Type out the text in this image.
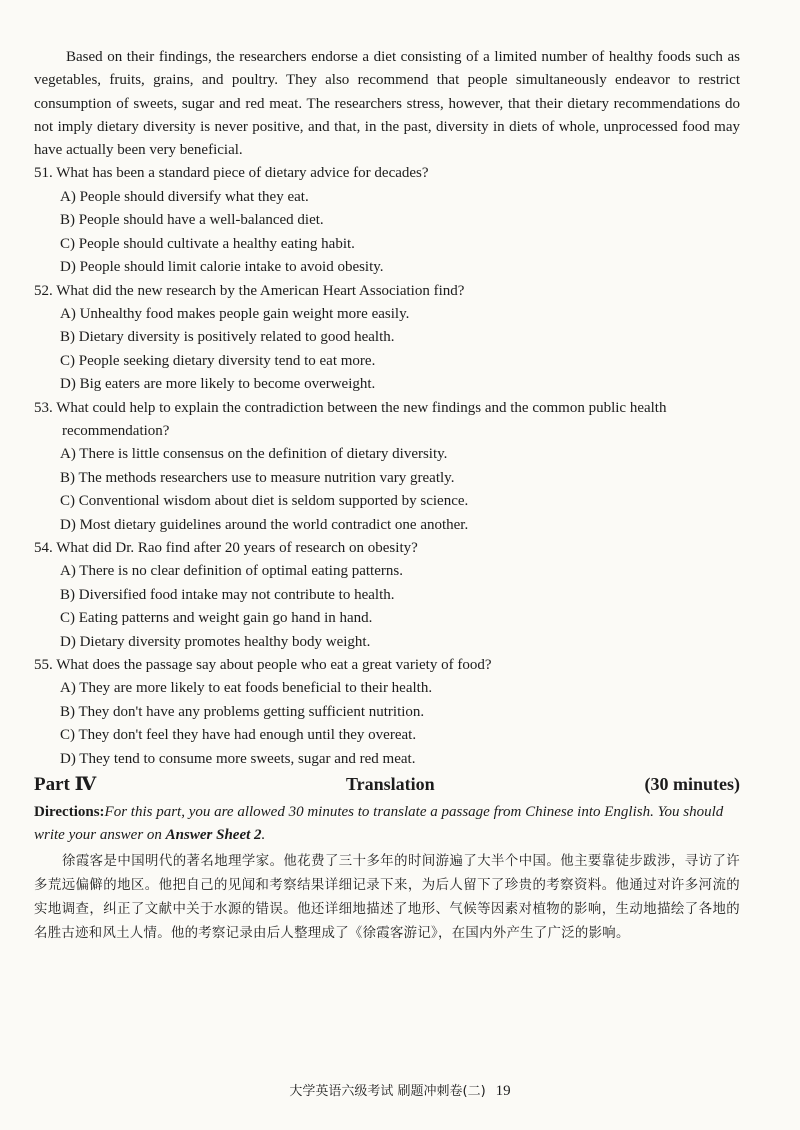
Based on their findings, the researchers endorse a diet consisting of a limited number of healthy foods such as vegetables, fruits, grains, and poultry. They also recommend that people simultaneously endeavor to restrict consumption of sweets, sugar and red meat. The researchers stress, however, that their dietary recommendations do not imply dietary diversity is never positive, and that, in the past, diversity in diets of whole, unprocessed food may have actually been very beneficial.

51. What has been a standard piece of dietary advice for decades?
A) People should diversify what they eat.
B) People should have a well-balanced diet.
C) People should cultivate a healthy eating habit.
D) People should limit calorie intake to avoid obesity.
52. What did the new research by the American Heart Association find?
A) Unhealthy food makes people gain weight more easily.
B) Dietary diversity is positively related to good health.
C) People seeking dietary diversity tend to eat more.
D) Big eaters are more likely to become overweight.
53. What could help to explain the contradiction between the new findings and the common public health recommendation?
A) There is little consensus on the definition of dietary diversity.
B) The methods researchers use to measure nutrition vary greatly.
C) Conventional wisdom about diet is seldom supported by science.
D) Most dietary guidelines around the world contradict one another.
54. What did Dr. Rao find after 20 years of research on obesity?
A) There is no clear definition of optimal eating patterns.
B) Diversified food intake may not contribute to health.
C) Eating patterns and weight gain go hand in hand.
D) Dietary diversity promotes healthy body weight.
55. What does the passage say about people who eat a great variety of food?
A) They are more likely to eat foods beneficial to their health.
B) They don't have any problems getting sufficient nutrition.
C) They don't feel they have had enough until they overeat.
D) They tend to consume more sweets, sugar and red meat.
Part Ⅳ	Translation	(30 minutes)

Directions:For this part, you are allowed 30 minutes to translate a passage from Chinese into English. You should write your answer on Answer Sheet 2.

徐霞客是中国明代的著名地理学家。他花费了三十多年的时间游遍了大半个中国。他主要靠徒步跋涉，寻访了许多荒远偏僻的地区。他把自己的见闻和考察结果详细记录下来，为后人留下了珍贵的考察资料。他通过对许多河流的实地调查，纠正了文献中关于水源的错误。他还详细地描述了地形、气候等因素对植物的影响，生动地描绘了各地的名胜古迹和风土人情。他的考察记录由后人整理成了《徐霞客游记》，在国内外产生了广泛的影响。

大学英语六级考试 刷题冲刺卷(二) 19
